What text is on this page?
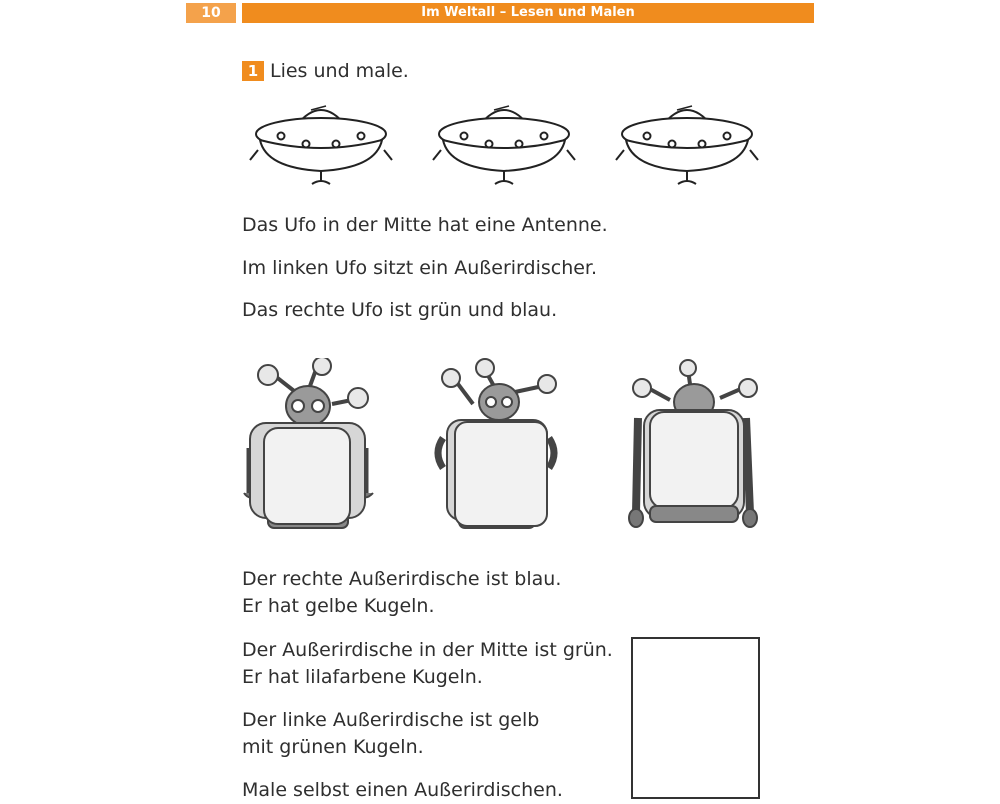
10	Im Weltall – Lesen und Malen
1 Lies und male.
Das Ufo in der Mitte hat eine Antenne.
Im linken Ufo sitzt ein Außerirdischer.
Das rechte Ufo ist grün und blau.
Der rechte Außerirdische ist blau.
Er hat gelbe Kugeln.
Der Außerirdische in der Mitte ist grün.
Er hat lilafarbene Kugeln.
Der linke Außerirdische ist gelb
mit grünen Kugeln.
Male selbst einen Außerirdischen.
